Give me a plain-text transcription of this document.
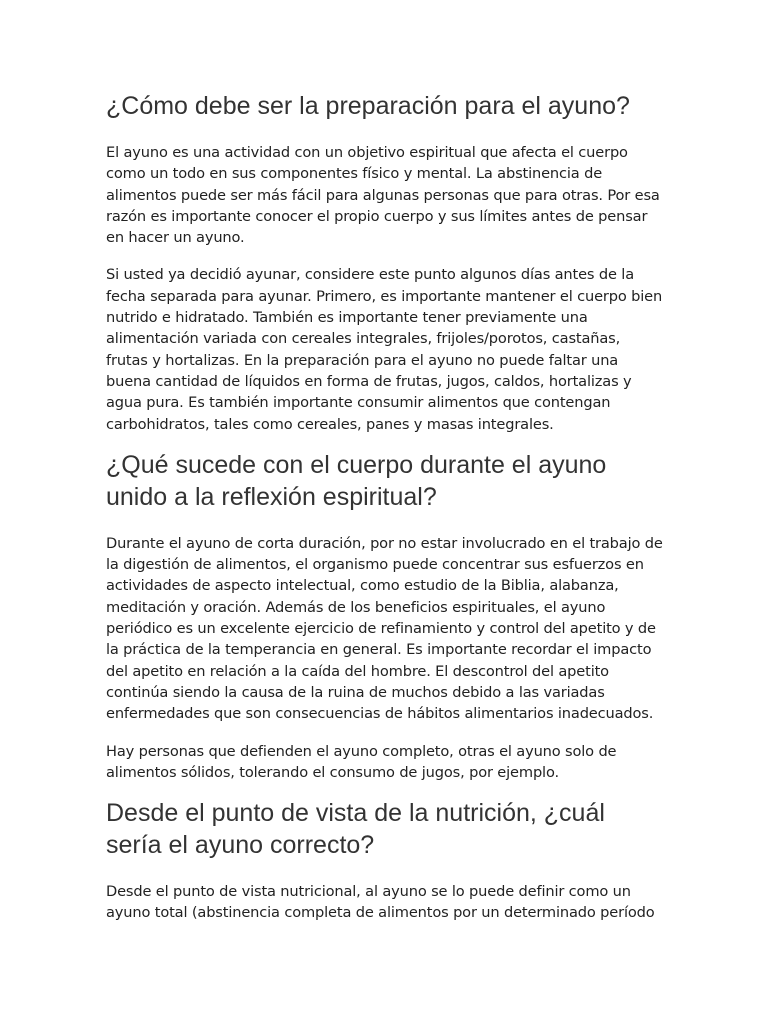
¿Cómo debe ser la preparación para el ayuno?

El ayuno es una actividad con un objetivo espiritual que afecta el cuerpo como un todo en sus componentes físico y mental. La abstinencia de alimentos puede ser más fácil para algunas personas que para otras. Por esa razón es importante conocer el propio cuerpo y sus límites antes de pensar en hacer un ayuno.

Si usted ya decidió ayunar, considere este punto algunos días antes de la fecha separada para ayunar. Primero, es importante mantener el cuerpo bien nutrido e hidratado. También es importante tener previamente una alimentación variada con cereales integrales, frijoles/porotos, castañas, frutas y hortalizas. En la preparación para el ayuno no puede faltar una buena cantidad de líquidos en forma de frutas, jugos, caldos, hortalizas y agua pura. Es también importante consumir alimentos que contengan carbohidratos, tales como cereales, panes y masas integrales.

¿Qué sucede con el cuerpo durante el ayuno unido a la reflexión espiritual?

Durante el ayuno de corta duración, por no estar involucrado en el trabajo de la digestión de alimentos, el organismo puede concentrar sus esfuerzos en actividades de aspecto intelectual, como estudio de la Biblia, alabanza, meditación y oración. Además de los beneficios espirituales, el ayuno periódico es un excelente ejercicio de refinamiento y control del apetito y de la práctica de la temperancia en general. Es importante recordar el impacto del apetito en relación a la caída del hombre. El descontrol del apetito continúa siendo la causa de la ruina de muchos debido a las variadas enfermedades que son consecuencias de hábitos alimentarios inadecuados.

Hay personas que defienden el ayuno completo, otras el ayuno solo de alimentos sólidos, tolerando el consumo de jugos, por ejemplo.

Desde el punto de vista de la nutrición, ¿cuál sería el ayuno correcto?

Desde el punto de vista nutricional, al ayuno se lo puede definir como un ayuno total (abstinencia completa de alimentos por un determinado período
